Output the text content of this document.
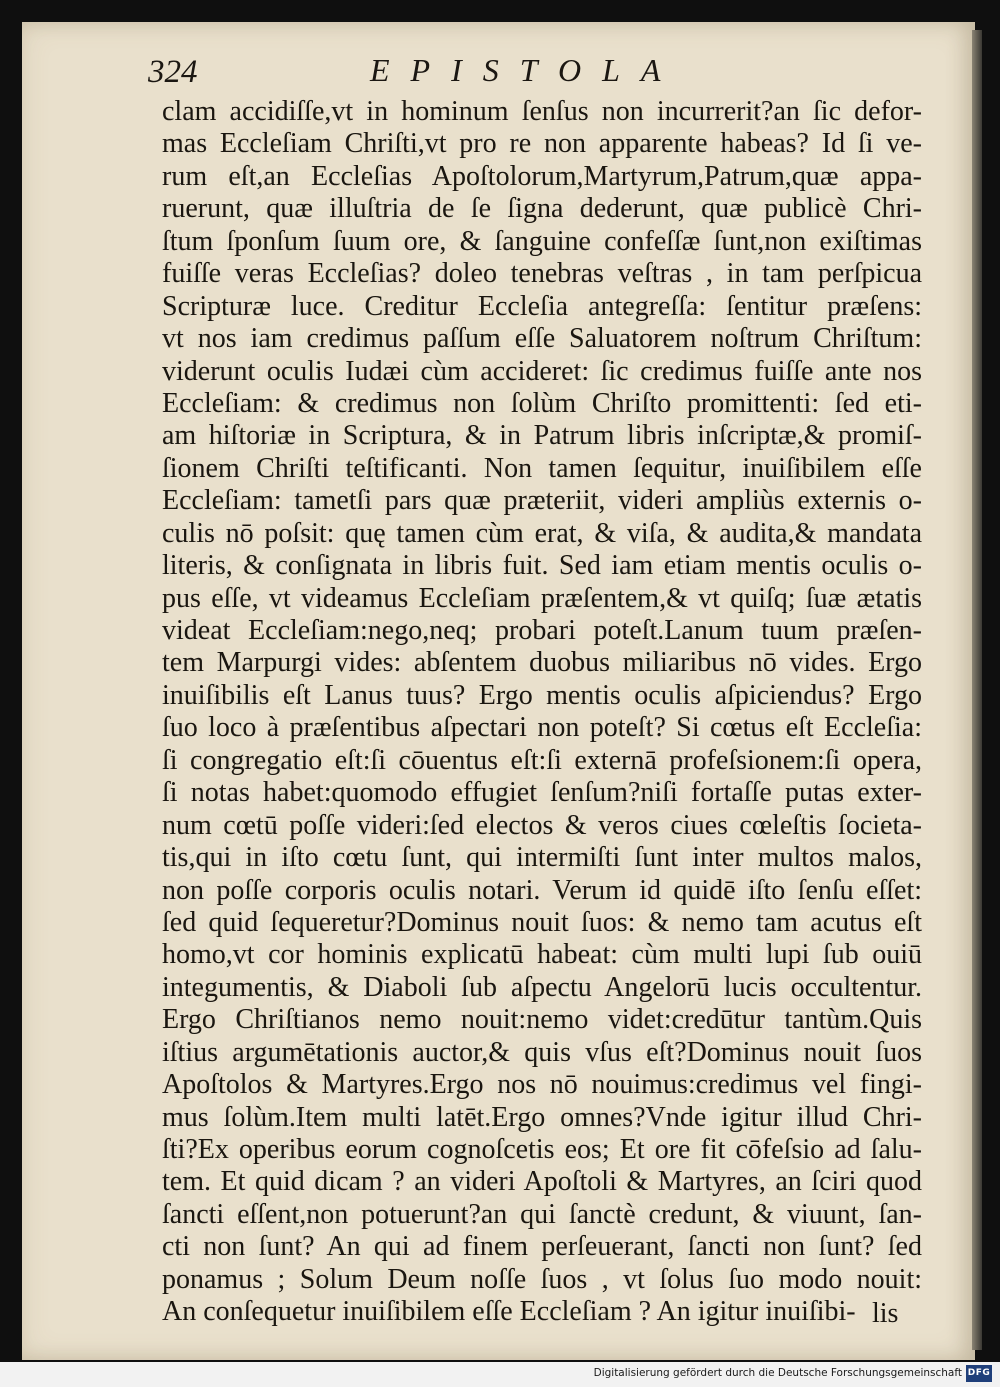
324	EPISTOLA
clam accidiſſe,vt in hominum ſenſus non incurrerit?an ſic defor-
mas Eccleſiam Chriſti,vt pro re non apparente habeas? Id ſi ve-
rum eſt,an Eccleſias Apoſtolorum,Martyrum,Patrum,quæ appa-
ruerunt, quæ illuſtria de ſe ſigna dederunt, quæ publicè Chri-
ſtum ſponſum ſuum ore, & ſanguine confeſſæ ſunt,non exiſtimas
fuiſſe veras Eccleſias? doleo tenebras veſtras , in tam perſpicua
Scripturæ luce. Creditur Eccleſia antegreſſa: ſentitur præſens:
vt nos iam credimus paſſum eſſe Saluatorem noſtrum Chriſtum:
viderunt oculis Iudæi cùm accideret: ſic credimus fuiſſe ante nos
Eccleſiam: & credimus non ſolùm Chriſto promittenti: ſed eti-
am hiſtoriæ in Scriptura, & in Patrum libris inſcriptæ,& promiſ-
ſionem Chriſti teſtificanti. Non tamen ſequitur, inuiſibilem eſſe
Eccleſiam: tametſi pars quæ præteriit, videri ampliùs externis o-
culis nō poſsit: quę tamen cùm erat, & viſa, & audita,& mandata
literis, & conſignata in libris fuit. Sed iam etiam mentis oculis o-
pus eſſe, vt videamus Eccleſiam præſentem,& vt quiſq; ſuæ ætatis
videat Eccleſiam:nego,neq; probari poteſt.Lanum tuum præſen-
tem Marpurgi vides: abſentem duobus miliaribus nō vides. Ergo
inuiſibilis eſt Lanus tuus? Ergo mentis oculis aſpiciendus? Ergo
ſuo loco à præſentibus aſpectari non poteſt? Si cœtus eſt Eccleſia:
ſi congregatio eſt:ſi cōuentus eſt:ſi externā profeſsionem:ſi opera,
ſi notas habet:quomodo effugiet ſenſum?niſi fortaſſe putas exter-
num cœtū poſſe videri:ſed electos & veros ciues cœleſtis ſocieta-
tis,qui in iſto cœtu ſunt, qui intermiſti ſunt inter multos malos,
non poſſe corporis oculis notari. Verum id quidē iſto ſenſu eſſet:
ſed quid ſequeretur?Dominus nouit ſuos: & nemo tam acutus eſt
homo,vt cor hominis explicatū habeat: cùm multi lupi ſub ouiū
integumentis, & Diaboli ſub aſpectu Angelorū lucis occultentur.
Ergo Chriſtianos nemo nouit:nemo videt:credūtur tantùm.Quis
iſtius argumētationis auctor,& quis vſus eſt?Dominus nouit ſuos
Apoſtolos & Martyres.Ergo nos nō nouimus:credimus vel fingi-
mus ſolùm.Item multi latēt.Ergo omnes?Vnde igitur illud Chri-
ſti?Ex operibus eorum cognoſcetis eos; Et ore fit cōfeſsio ad ſalu-
tem. Et quid dicam ? an videri Apoſtoli & Martyres, an ſciri quod
ſancti eſſent,non potuerunt?an qui ſanctè credunt, & viuunt, ſan-
cti non ſunt? An qui ad finem perſeuerant, ſancti non ſunt? ſed
ponamus ; Solum Deum noſſe ſuos , vt ſolus ſuo modo nouit:
An conſequetur inuiſibilem eſſe Eccleſiam ? An igitur inuiſibi- lis
Digitalisierung gefördert durch die Deutsche Forschungsgemeinschaft DFG
